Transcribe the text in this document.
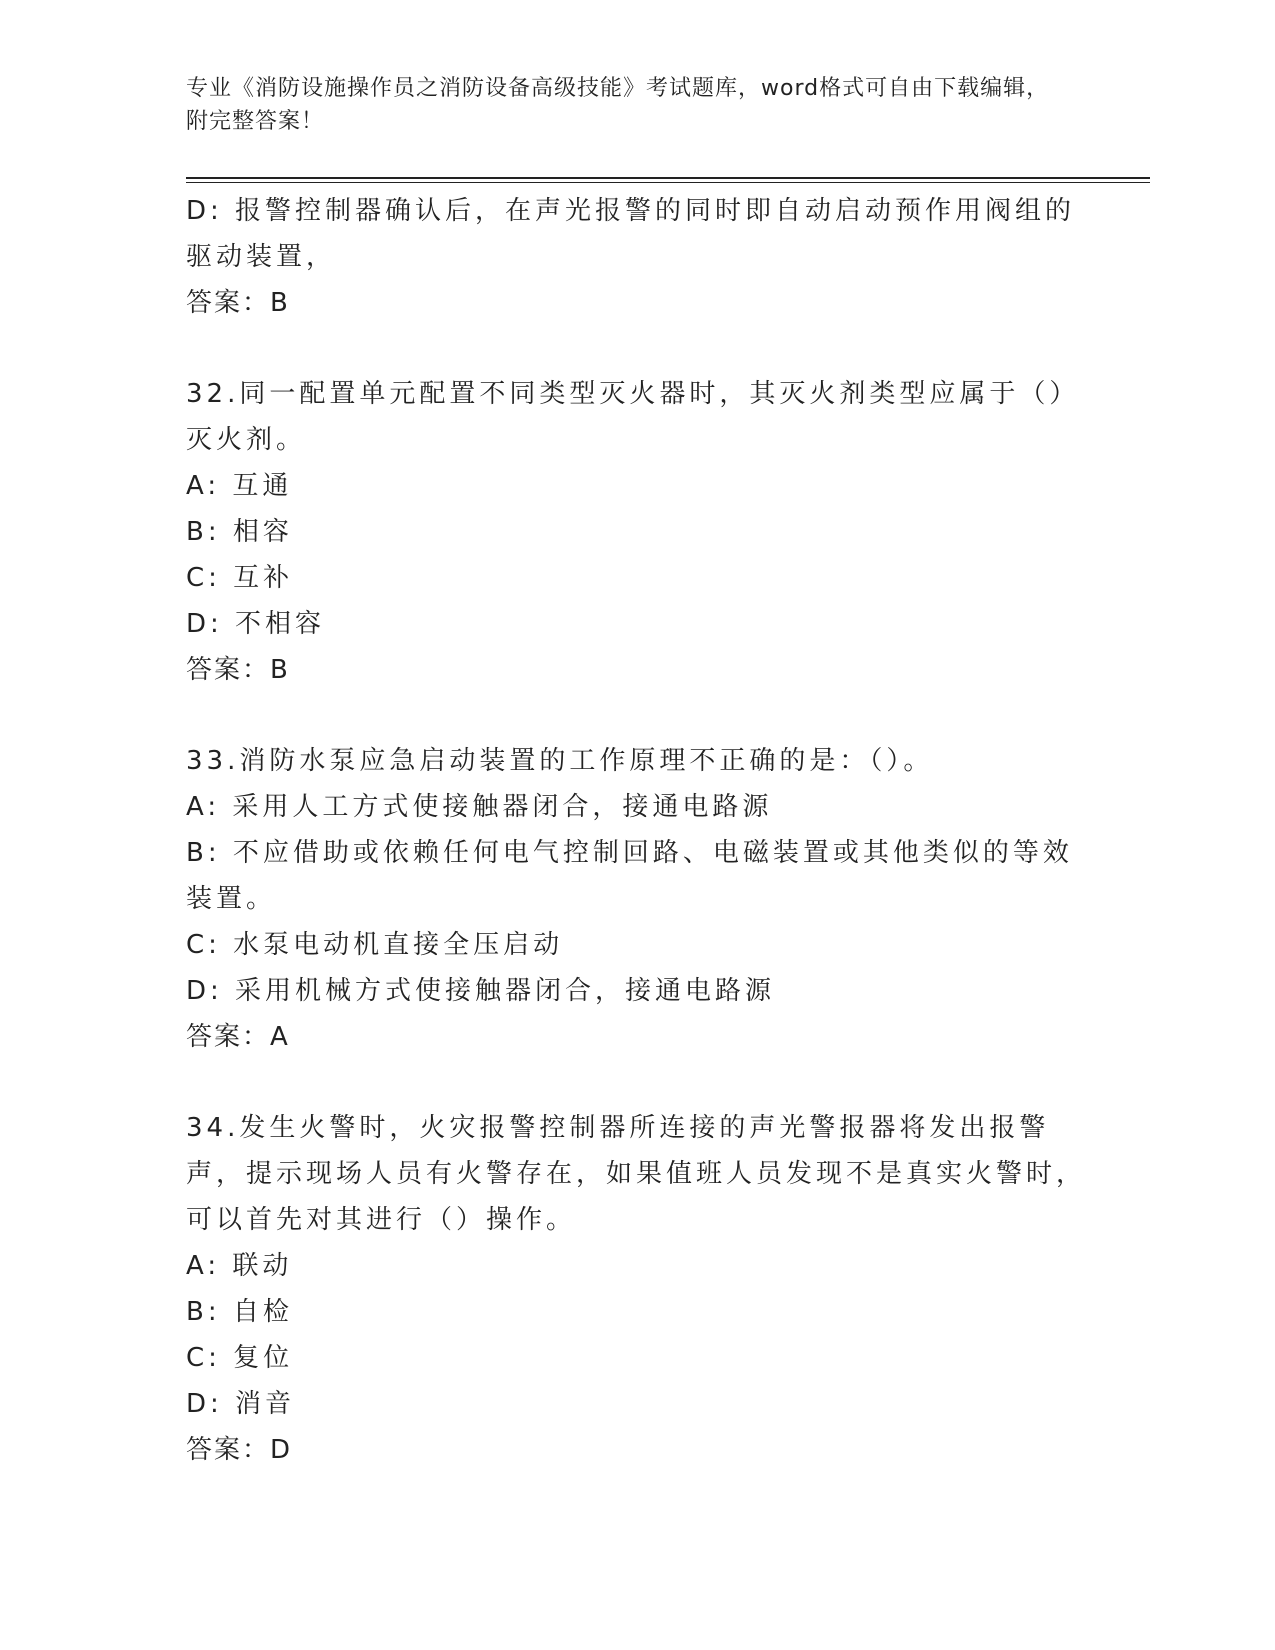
专业《消防设施操作员之消防设备高级技能》考试题库，word格式可自由下载编辑，附完整答案！

D: 报警控制器确认后，在声光报警的同时即自动启动预作用阀组的驱动装置，

答案：B

32.同一配置单元配置不同类型灭火器时，其灭火剂类型应属于（）灭火剂。

A: 互通

B: 相容

C: 互补

D: 不相容

答案：B

33.消防水泵应急启动装置的工作原理不正确的是：（）。

A: 采用人工方式使接触器闭合，接通电路源

B: 不应借助或依赖任何电气控制回路、电磁装置或其他类似的等效装置。

C: 水泵电动机直接全压启动

D: 采用机械方式使接触器闭合，接通电路源

答案：A

34.发生火警时，火灾报警控制器所连接的声光警报器将发出报警声，提示现场人员有火警存在，如果值班人员发现不是真实火警时，可以首先对其进行（）操作。

A: 联动

B: 自检

C: 复位

D: 消音

答案：D
